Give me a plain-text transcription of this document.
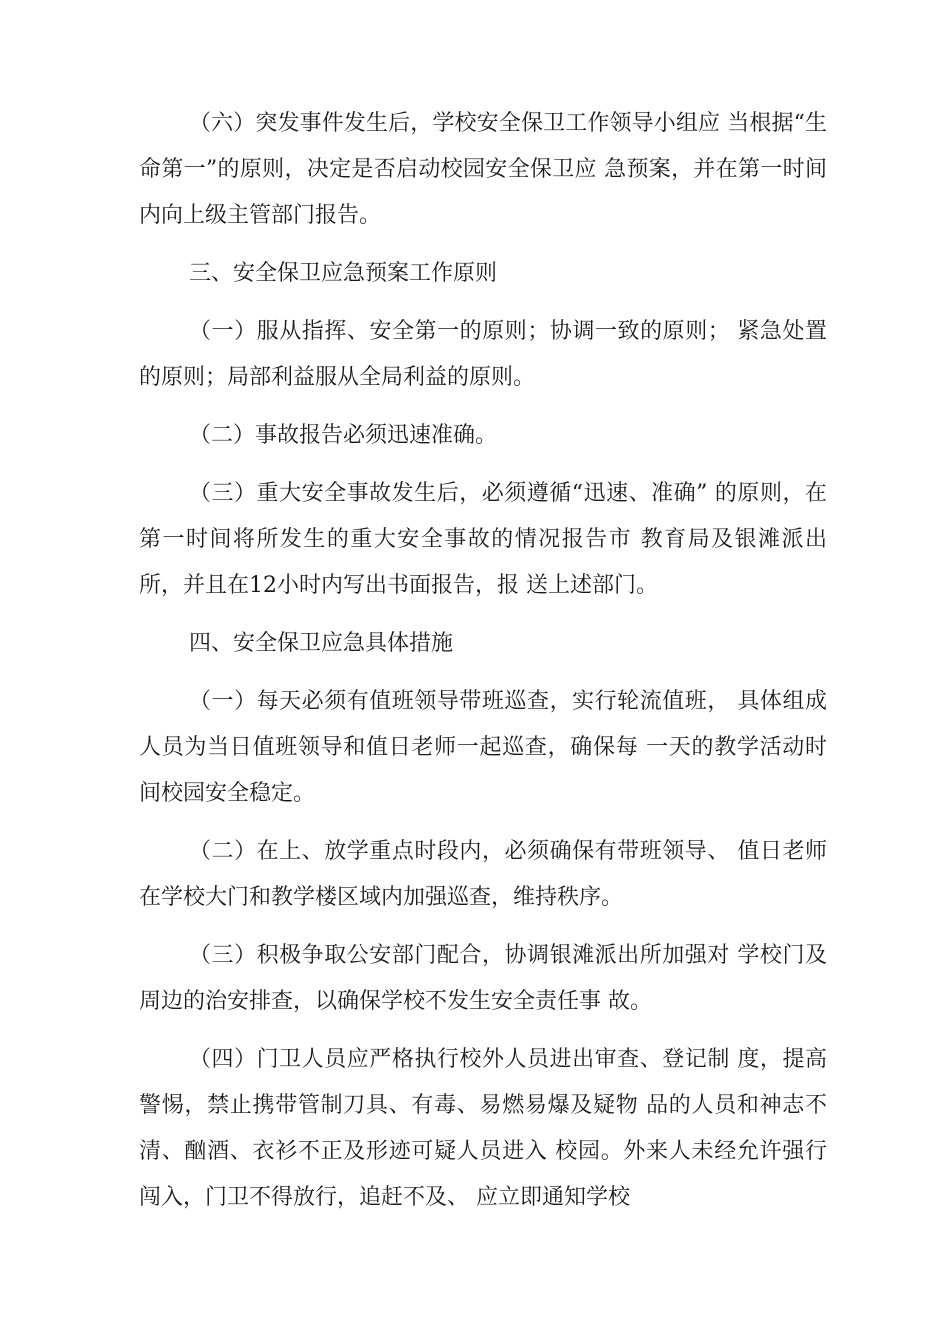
（六）突发事件发生后，学校安全保卫工作领导小组应 当根据“生命第一”的原则，决定是否启动校园安全保卫应 急预案，并在第一时间内向上级主管部门报告。

三、安全保卫应急预案工作原则

（一）服从指挥、安全第一的原则；协调一致的原则； 紧急处置的原则；局部利益服从全局利益的原则。

（二）事故报告必须迅速准确。

（三）重大安全事故发生后，必须遵循“迅速、准确” 的原则，在第一时间将所发生的重大安全事故的情况报告市 教育局及银滩派出所，并且在12小时内写出书面报告，报 送上述部门。

四、安全保卫应急具体措施

（一）每天必须有值班领导带班巡查，实行轮流值班， 具体组成人员为当日值班领导和值日老师一起巡查，确保每 一天的教学活动时间校园安全稳定。

（二）在上、放学重点时段内，必须确保有带班领导、 值日老师在学校大门和教学楼区域内加强巡查，维持秩序。

（三）积极争取公安部门配合，协调银滩派出所加强对 学校门及周边的治安排查，以确保学校不发生安全责任事 故。

（四）门卫人员应严格执行校外人员进出审查、登记制 度，提高警惕，禁止携带管制刀具、有毒、易燃易爆及疑物 品的人员和神志不清、酗酒、衣衫不正及形迹可疑人员进入 校园。外来人未经允许强行闯入，门卫不得放行，追赶不及、 应立即通知学校
